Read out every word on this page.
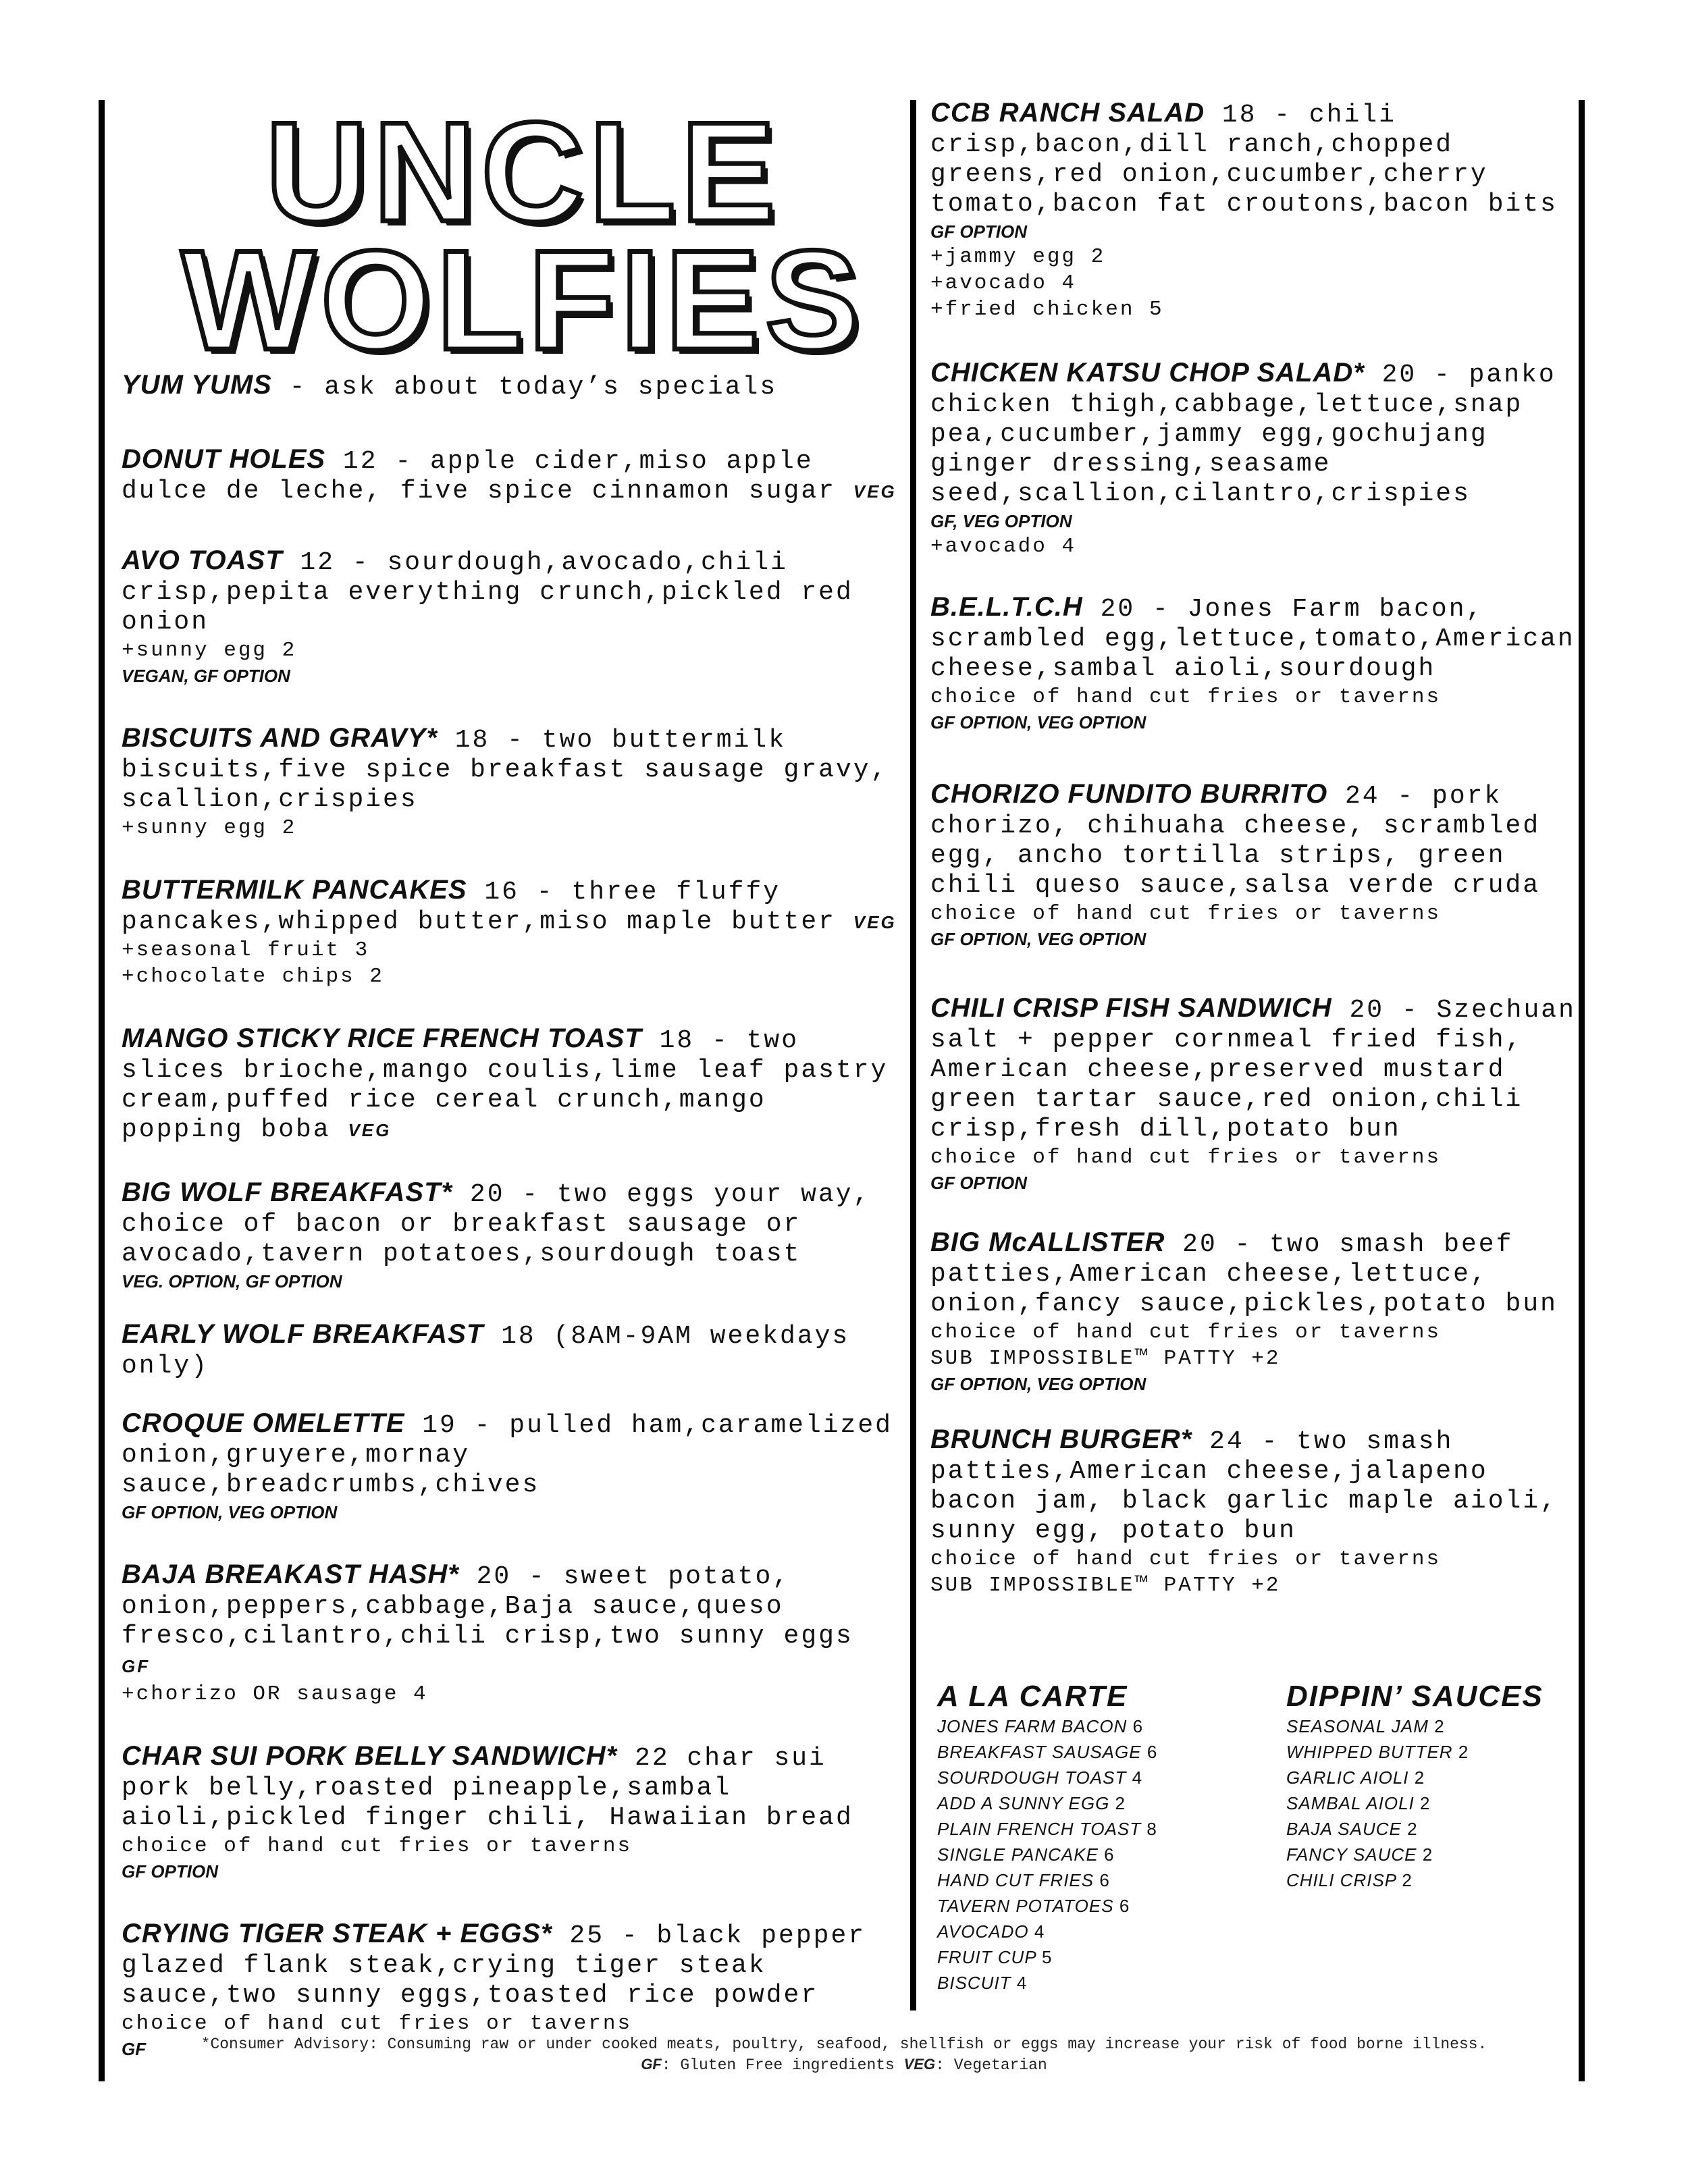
UNCLE
WOLFIES
YUM YUMS - ask about today’s specials
DONUT HOLES 12 - apple cider,miso apple dulce de leche, five spice cinnamon sugar VEG
AVO TOAST 12 - sourdough,avocado,chili crisp,pepita everything crunch,pickled red onion
+sunny egg 2
VEGAN, GF OPTION
BISCUITS AND GRAVY* 18 - two buttermilk biscuits,five spice breakfast sausage gravy, scallion,crispies
+sunny egg 2
BUTTERMILK PANCAKES 16 - three fluffy pancakes,whipped butter,miso maple butter VEG
+seasonal fruit 3
+chocolate chips 2
MANGO STICKY RICE FRENCH TOAST 18 - two slices brioche,mango coulis,lime leaf pastry cream,puffed rice cereal crunch,mango popping boba VEG
BIG WOLF BREAKFAST* 20 - two eggs your way, choice of bacon or breakfast sausage or avocado,tavern potatoes,sourdough toast
VEG. OPTION, GF OPTION
EARLY WOLF BREAKFAST 18 (8AM-9AM weekdays only)
CROQUE OMELETTE 19 - pulled ham,caramelized onion,gruyere,mornay sauce,breadcrumbs,chives
GF OPTION, VEG OPTION
BAJA BREAKAST HASH* 20 - sweet potato, onion,peppers,cabbage,Baja sauce,queso fresco,cilantro,chili crisp,two sunny eggs GF
+chorizo OR sausage 4
CHAR SUI PORK BELLY SANDWICH* 22 char sui pork belly,roasted pineapple,sambal aioli,pickled finger chili, Hawaiian bread
choice of hand cut fries or taverns
GF OPTION
CRYING TIGER STEAK + EGGS* 25 - black pepper glazed flank steak,crying tiger steak sauce,two sunny eggs,toasted rice powder
choice of hand cut fries or taverns
GF
CCB RANCH SALAD 18 - chili crisp,bacon,dill ranch,chopped greens,red onion,cucumber,cherry tomato,bacon fat croutons,bacon bits
GF OPTION
+jammy egg 2
+avocado 4
+fried chicken 5
CHICKEN KATSU CHOP SALAD* 20 - panko chicken thigh,cabbage,lettuce,snap pea,cucumber,jammy egg,gochujang ginger dressing,seasame seed,scallion,cilantro,crispies
GF, VEG OPTION
+avocado 4
B.E.L.T.C.H 20 - Jones Farm bacon, scrambled egg,lettuce,tomato,American cheese,sambal aioli,sourdough
choice of hand cut fries or taverns
GF OPTION, VEG OPTION
CHORIZO FUNDITO BURRITO 24 - pork chorizo, chihuaha cheese, scrambled egg, ancho tortilla strips, green chili queso sauce,salsa verde cruda
choice of hand cut fries or taverns
GF OPTION, VEG OPTION
CHILI CRISP FISH SANDWICH 20 - Szechuan salt + pepper cornmeal fried fish, American cheese,preserved mustard green tartar sauce,red onion,chili crisp,fresh dill,potato bun
choice of hand cut fries or taverns
GF OPTION
BIG McALLISTER 20 - two smash beef patties,American cheese,lettuce, onion,fancy sauce,pickles,potato bun
choice of hand cut fries or taverns
SUB IMPOSSIBLE™ PATTY +2
GF OPTION, VEG OPTION
BRUNCH BURGER* 24 - two smash patties,American cheese,jalapeno bacon jam, black garlic maple aioli, sunny egg, potato bun
choice of hand cut fries or taverns
SUB IMPOSSIBLE™ PATTY +2
A LA CARTE
JONES FARM BACON 6
BREAKFAST SAUSAGE 6
SOURDOUGH TOAST 4
ADD A SUNNY EGG 2
PLAIN FRENCH TOAST 8
SINGLE PANCAKE 6
HAND CUT FRIES 6
TAVERN POTATOES 6
AVOCADO 4
FRUIT CUP 5
BISCUIT 4
DIPPIN’ SAUCES
SEASONAL JAM 2
WHIPPED BUTTER 2
GARLIC AIOLI 2
SAMBAL AIOLI 2
BAJA SAUCE 2
FANCY SAUCE 2
CHILI CRISP 2
*Consumer Advisory: Consuming raw or under cooked meats, poultry, seafood, shellfish or eggs may increase your risk of food borne illness.
GF: Gluten Free ingredients VEG: Vegetarian
